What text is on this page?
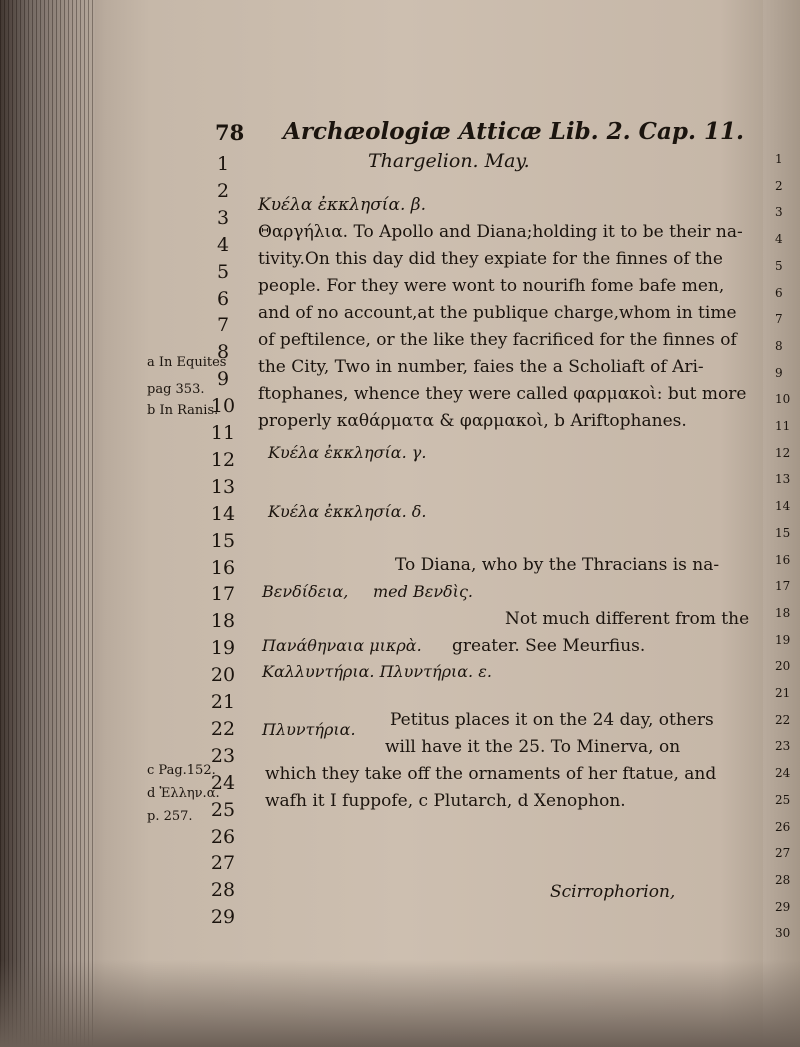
78 Archæologiæ Atticæ Lib. 2. Cap. 11.
Thargelion. May.
1
2
3
4
5
6
7
8
9
10
11
12
13
14
15
16
17
18
19
20
21
22
23
24
25
26
27
28
29
Κυέλα ἐκκλησία. β.
Θαργήλια. To Apollo and Diana;holding it to be their na-
tivity.On this day did they expiate for the finnes of the
people. For they were wont to nourifh fome bafe men,
and of no account,at the publique charge,whom in time
of peftilence, or the like they facrificed for the finnes of
the City, Two in number, faies the a Scholiaft of Ari-
ftophanes, whence they were called φαρμακοὶ: but more
properly καθάρματα & φαρμακοὶ, b Ariftophanes.
Κυέλα ἐκκλησία. γ.
Κυέλα ἐκκλησία. δ.
To Diana, who by the Thracians is na-
Βενδίδεια, med Βενδὶς.
Not much different from the
Πανάθηναια μικρὰ. greater. See Meurfius.
Καλλυντήρια. Πλυντήρια. ε.
Πλυντήρια. Petitus places it on the 24 day, others
will have it the 25. To Minerva, on
which they take off the ornaments of her ftatue, and
wafh it I fuppofe, c Plutarch, d Xenophon.
Scirrophorion,
a In Equites
pag 353.
b In Ranis.
c Pag.152.
d Ἑλλην.α.
p. 257.
1
2
3
4
5
6
7
8
9
10
11
12
13
14
15
16
17
18
19
20
21
22
23
24
25
26
27
28
29
30
